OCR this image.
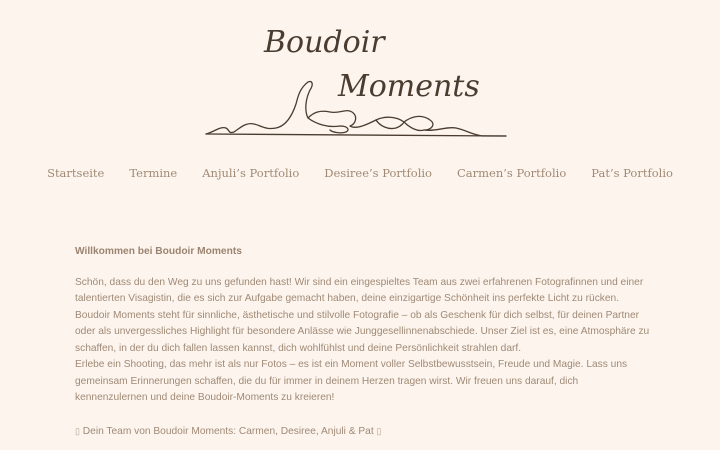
Boudoir
Moments
Startseite Termine Anjuli’s Portfolio Desiree’s Portfolio Carmen’s Portfolio Pat’s Portfolio
Willkommen bei Boudoir Moments

Schön, dass du den Weg zu uns gefunden hast! Wir sind ein eingespieltes Team aus zwei erfahrenen Fotografinnen und einer talentierten Visagistin, die es sich zur Aufgabe gemacht haben, deine einzigartige Schönheit ins perfekte Licht zu rücken.

Boudoir Moments steht für sinnliche, ästhetische und stilvolle Fotografie – ob als Geschenk für dich selbst, für deinen Partner oder als unvergessliches Highlight für besondere Anlässe wie Junggesellinnenabschiede. Unser Ziel ist es, eine Atmosphäre zu schaffen, in der du dich fallen lassen kannst, dich wohlfühlst und deine Persönlichkeit strahlen darf.

Erlebe ein Shooting, das mehr ist als nur Fotos – es ist ein Moment voller Selbstbewusstsein, Freude und Magie. Lass uns gemeinsam Erinnerungen schaffen, die du für immer in deinem Herzen tragen wirst. Wir freuen uns darauf, dich kennenzulernen und deine Boudoir-Moments zu kreieren!

▯ Dein Team von Boudoir Moments: Carmen, Desiree, Anjuli & Pat ▯
